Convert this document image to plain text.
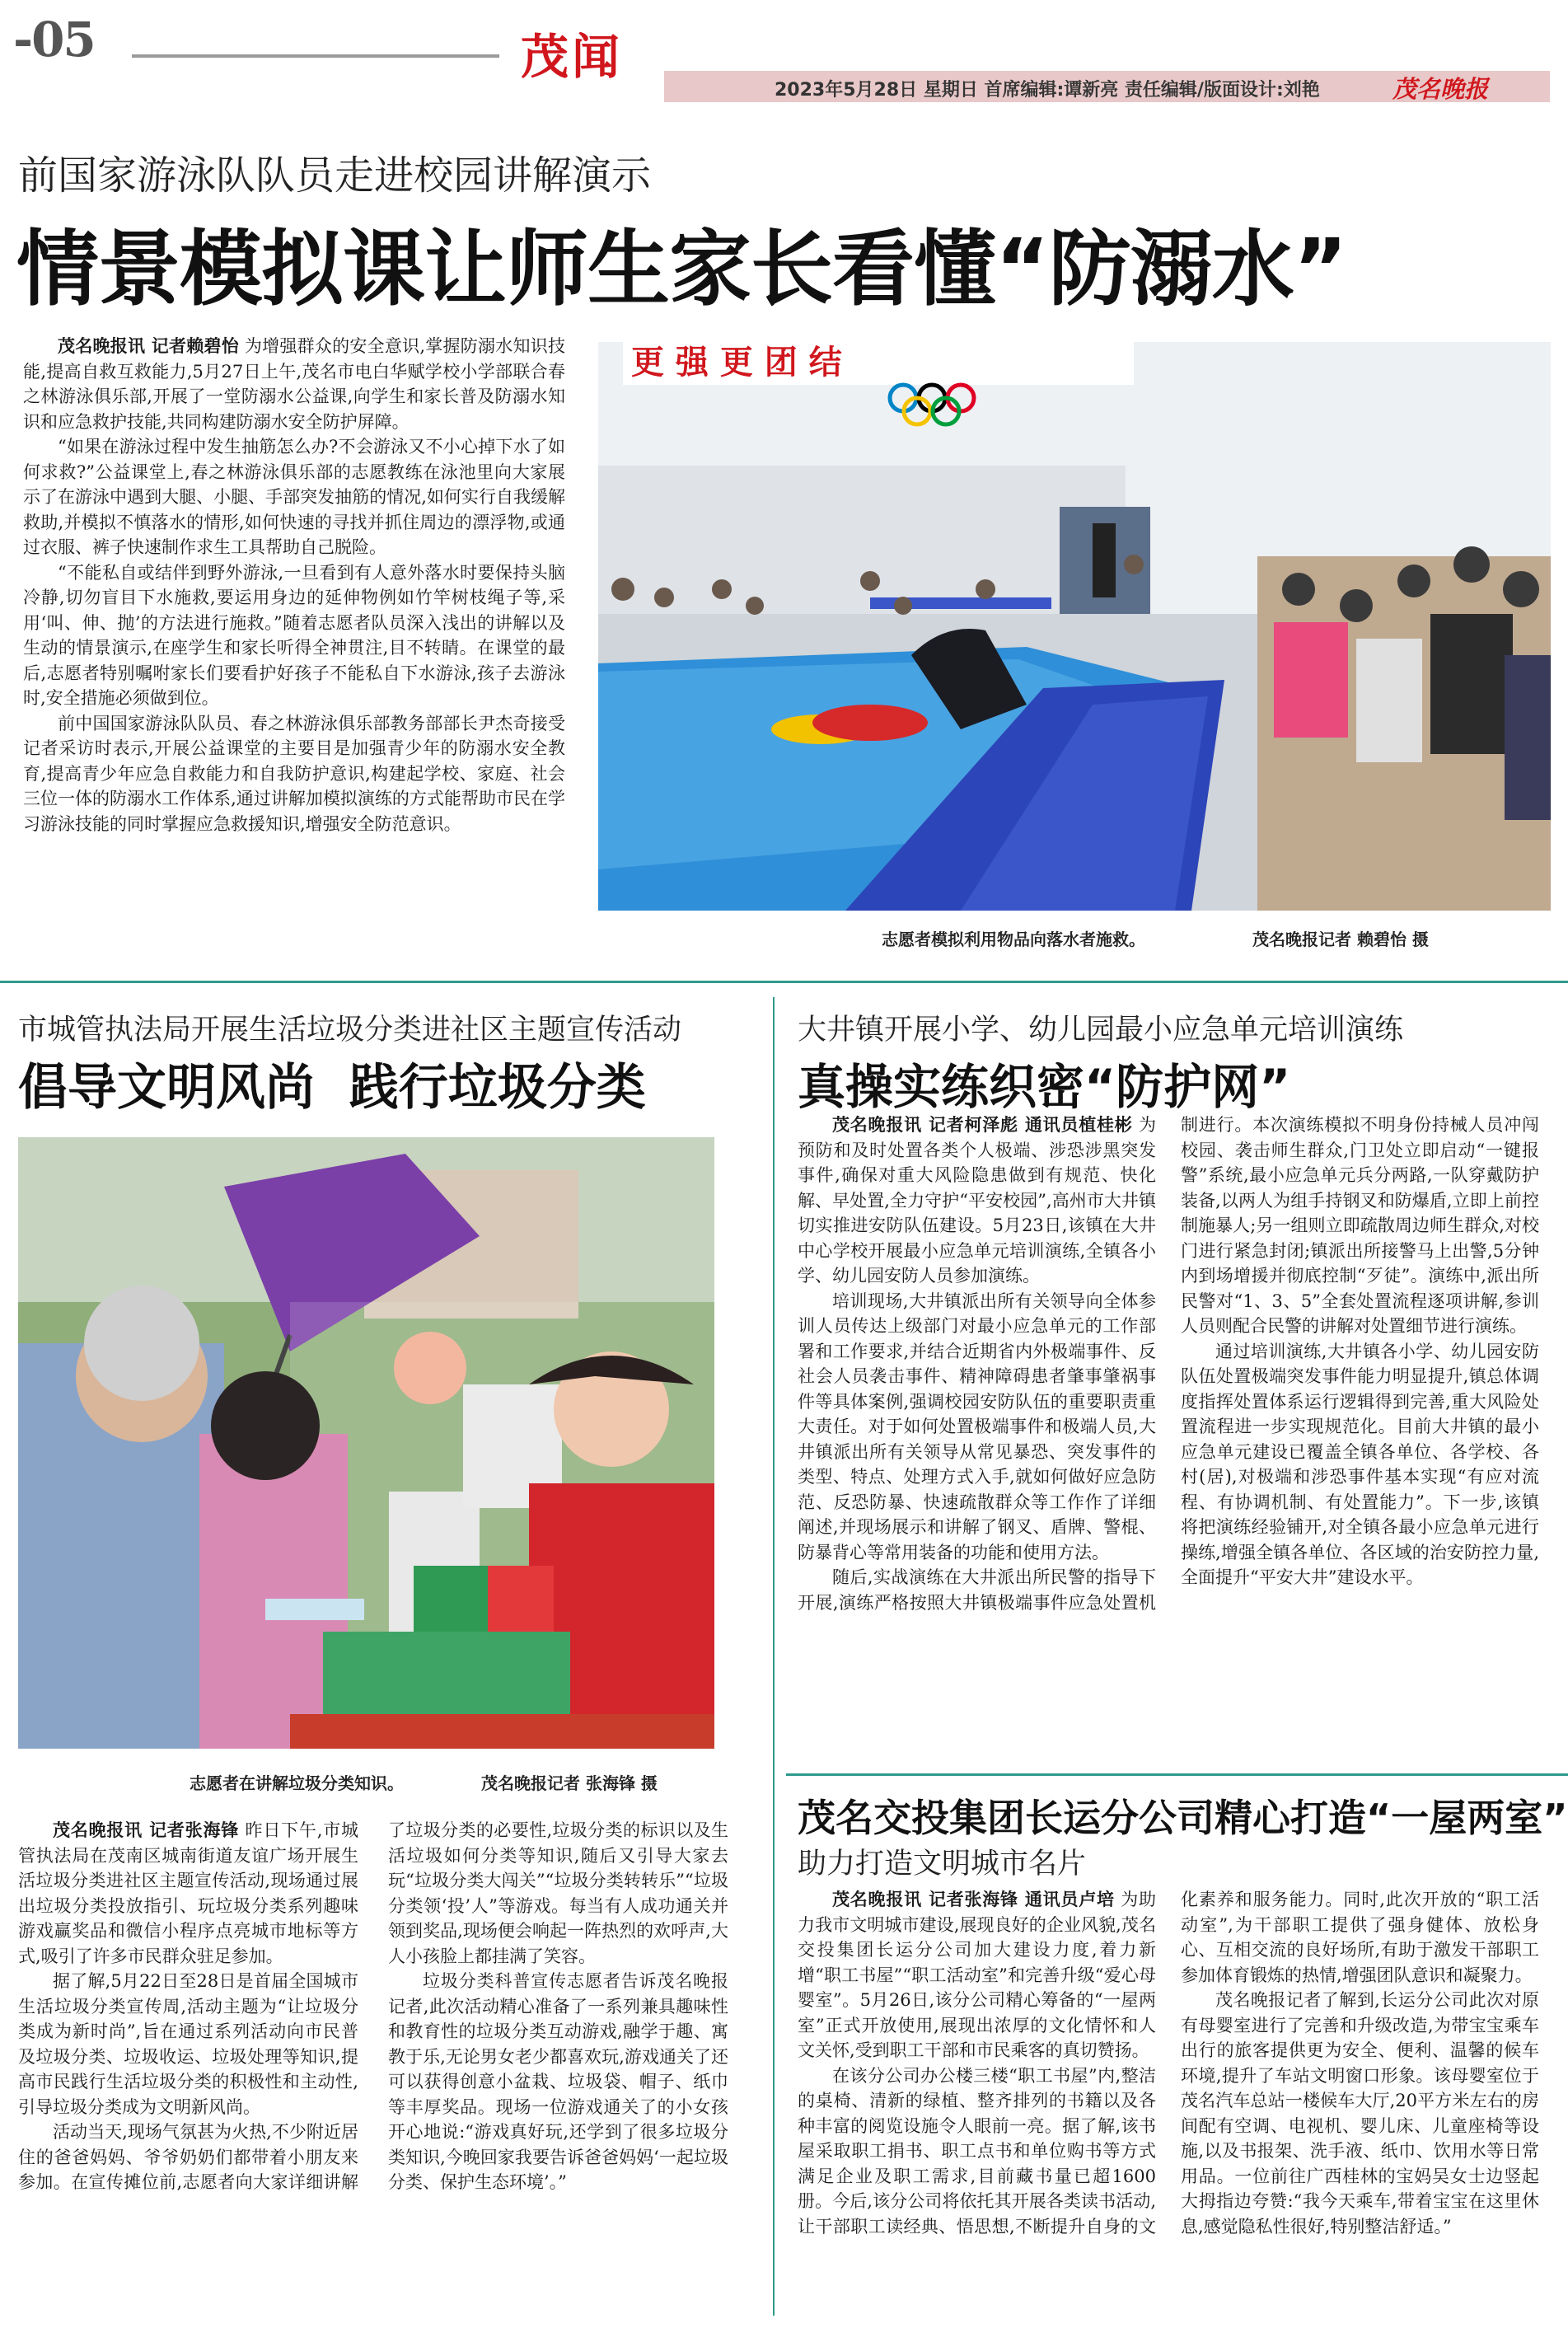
-05	茂闻
2023年5月28日 星期日 首席编辑:谭新亮 责任编辑/版面设计:刘艳	茂名晚报
前国家游泳队队员走进校园讲解演示
情景模拟课让师生家长看懂“防溺水”

茂名晚报讯 记者赖碧怡 为增强群众的安全意识,掌握防溺水知识技能,提高自救互救能力,5月27日上午,茂名市电白华赋学校小学部联合春之林游泳俱乐部,开展了一堂防溺水公益课,向学生和家长普及防溺水知识和应急救护技能,共同构建防溺水安全防护屏障。

“如果在游泳过程中发生抽筋怎么办?不会游泳又不小心掉下水了如何求救?”公益课堂上,春之林游泳俱乐部的志愿教练在泳池里向大家展示了在游泳中遇到大腿、小腿、手部突发抽筋的情况,如何实行自我缓解救助,并模拟不慎落水的情形,如何快速的寻找并抓住周边的漂浮物,或通过衣服、裤子快速制作求生工具帮助自己脱险。

“不能私自或结伴到野外游泳,一旦看到有人意外落水时要保持头脑冷静,切勿盲目下水施救,要运用身边的延伸物例如竹竿树枝绳子等,采用‘叫、伸、抛’的方法进行施救。”随着志愿者队员深入浅出的讲解以及生动的情景演示,在座学生和家长听得全神贯注,目不转睛。在课堂的最后,志愿者特别嘱咐家长们要看护好孩子不能私自下水游泳,孩子去游泳时,安全措施必须做到位。

前中国国家游泳队队员、春之林游泳俱乐部教务部部长尹杰奇接受记者采访时表示,开展公益课堂的主要目是加强青少年的防溺水安全教育,提高青少年应急自救能力和自我防护意识,构建起学校、家庭、社会三位一体的防溺水工作体系,通过讲解加模拟演练的方式能帮助市民在学习游泳技能的同时掌握应急救援知识,增强安全防范意识。

更 强 更 团 结
志愿者模拟利用物品向落水者施救。	茂名晚报记者 赖碧怡 摄
市城管执法局开展生活垃圾分类进社区主题宣传活动
倡导文明风尚  践行垃圾分类
志愿者在讲解垃圾分类知识。	茂名晚报记者 张海锋 摄

茂名晚报讯 记者张海锋 昨日下午,市城管执法局在茂南区城南街道友谊广场开展生活垃圾分类进社区主题宣传活动,现场通过展出垃圾分类投放指引、玩垃圾分类系列趣味游戏赢奖品和微信小程序点亮城市地标等方式,吸引了许多市民群众驻足参加。

据了解,5月22日至28日是首届全国城市生活垃圾分类宣传周,活动主题为“让垃圾分类成为新时尚”,旨在通过系列活动向市民普及垃圾分类、垃圾收运、垃圾处理等知识,提高市民践行生活垃圾分类的积极性和主动性,引导垃圾分类成为文明新风尚。

活动当天,现场气氛甚为火热,不少附近居住的爸爸妈妈、爷爷奶奶们都带着小朋友来参加。在宣传摊位前,志愿者向大家详细讲解了垃圾分类的必要性,垃圾分类的标识以及生活垃圾如何分类等知识,随后又引导大家去玩“垃圾分类大闯关”“垃圾分类转转乐”“垃圾分类领‘投’人”等游戏。每当有人成功通关并领到奖品,现场便会响起一阵热烈的欢呼声,大人小孩脸上都挂满了笑容。

垃圾分类科普宣传志愿者告诉茂名晚报记者,此次活动精心准备了一系列兼具趣味性和教育性的垃圾分类互动游戏,融学于趣、寓教于乐,无论男女老少都喜欢玩,游戏通关了还可以获得创意小盆栽、垃圾袋、帽子、纸巾等丰厚奖品。现场一位游戏通关了的小女孩开心地说:“游戏真好玩,还学到了很多垃圾分类知识,今晚回家我要告诉爸爸妈妈‘一起垃圾分类、保护生态环境’。”

大井镇开展小学、幼儿园最小应急单元培训演练
真操实练织密“防护网”

茂名晚报讯 记者柯泽彪 通讯员植桂彬 为预防和及时处置各类个人极端、涉恐涉黑突发事件,确保对重大风险隐患做到有规范、快化解、早处置,全力守护“平安校园”,高州市大井镇切实推进安防队伍建设。5月23日,该镇在大井中心学校开展最小应急单元培训演练,全镇各小学、幼儿园安防人员参加演练。

培训现场,大井镇派出所有关领导向全体参训人员传达上级部门对最小应急单元的工作部署和工作要求,并结合近期省内外极端事件、反社会人员袭击事件、精神障碍患者肇事肇祸事件等具体案例,强调校园安防队伍的重要职责重大责任。对于如何处置极端事件和极端人员,大井镇派出所有关领导从常见暴恐、突发事件的类型、特点、处理方式入手,就如何做好应急防范、反恐防暴、快速疏散群众等工作作了详细阐述,并现场展示和讲解了钢叉、盾牌、警棍、防暴背心等常用装备的功能和使用方法。

随后,实战演练在大井派出所民警的指导下开展,演练严格按照大井镇极端事件应急处置机制进行。本次演练模拟不明身份持械人员冲闯校园、袭击师生群众,门卫处立即启动“一键报警”系统,最小应急单元兵分两路,一队穿戴防护装备,以两人为组手持钢叉和防爆盾,立即上前控制施暴人;另一组则立即疏散周边师生群众,对校门进行紧急封闭;镇派出所接警马上出警,5分钟内到场增援并彻底控制“歹徒”。演练中,派出所民警对“1、3、5”全套处置流程逐项讲解,参训人员则配合民警的讲解对处置细节进行演练。

通过培训演练,大井镇各小学、幼儿园安防队伍处置极端突发事件能力明显提升,镇总体调度指挥处置体系运行逻辑得到完善,重大风险处置流程进一步实现规范化。目前大井镇的最小应急单元建设已覆盖全镇各单位、各学校、各村(居),对极端和涉恐事件基本实现“有应对流程、有协调机制、有处置能力”。下一步,该镇将把演练经验铺开,对全镇各最小应急单元进行操练,增强全镇各单位、各区域的治安防控力量,全面提升“平安大井”建设水平。

茂名交投集团长运分公司精心打造“一屋两室”
助力打造文明城市名片

茂名晚报讯 记者张海锋 通讯员卢培 为助力我市文明城市建设,展现良好的企业风貌,茂名交投集团长运分公司加大建设力度,着力新增“职工书屋”“职工活动室”和完善升级“爱心母婴室”。5月26日,该分公司精心筹备的“一屋两室”正式开放使用,展现出浓厚的文化情怀和人文关怀,受到职工干部和市民乘客的真切赞扬。

在该分公司办公楼三楼“职工书屋”内,整洁的桌椅、清新的绿植、整齐排列的书籍以及各种丰富的阅览设施令人眼前一亮。据了解,该书屋采取职工捐书、职工点书和单位购书等方式满足企业及职工需求,目前藏书量已超1600册。今后,该分公司将依托其开展各类读书活动,让干部职工读经典、悟思想,不断提升自身的文化素养和服务能力。同时,此次开放的“职工活动室”,为干部职工提供了强身健体、放松身心、互相交流的良好场所,有助于激发干部职工参加体育锻炼的热情,增强团队意识和凝聚力。

茂名晚报记者了解到,长运分公司此次对原有母婴室进行了完善和升级改造,为带宝宝乘车出行的旅客提供更为安全、便利、温馨的候车环境,提升了车站文明窗口形象。该母婴室位于茂名汽车总站一楼候车大厅,20平方米左右的房间配有空调、电视机、婴儿床、儿童座椅等设施,以及书报架、洗手液、纸巾、饮用水等日常用品。一位前往广西桂林的宝妈吴女士边竖起大拇指边夸赞:“我今天乘车,带着宝宝在这里休息,感觉隐私性很好,特别整洁舒适。”
